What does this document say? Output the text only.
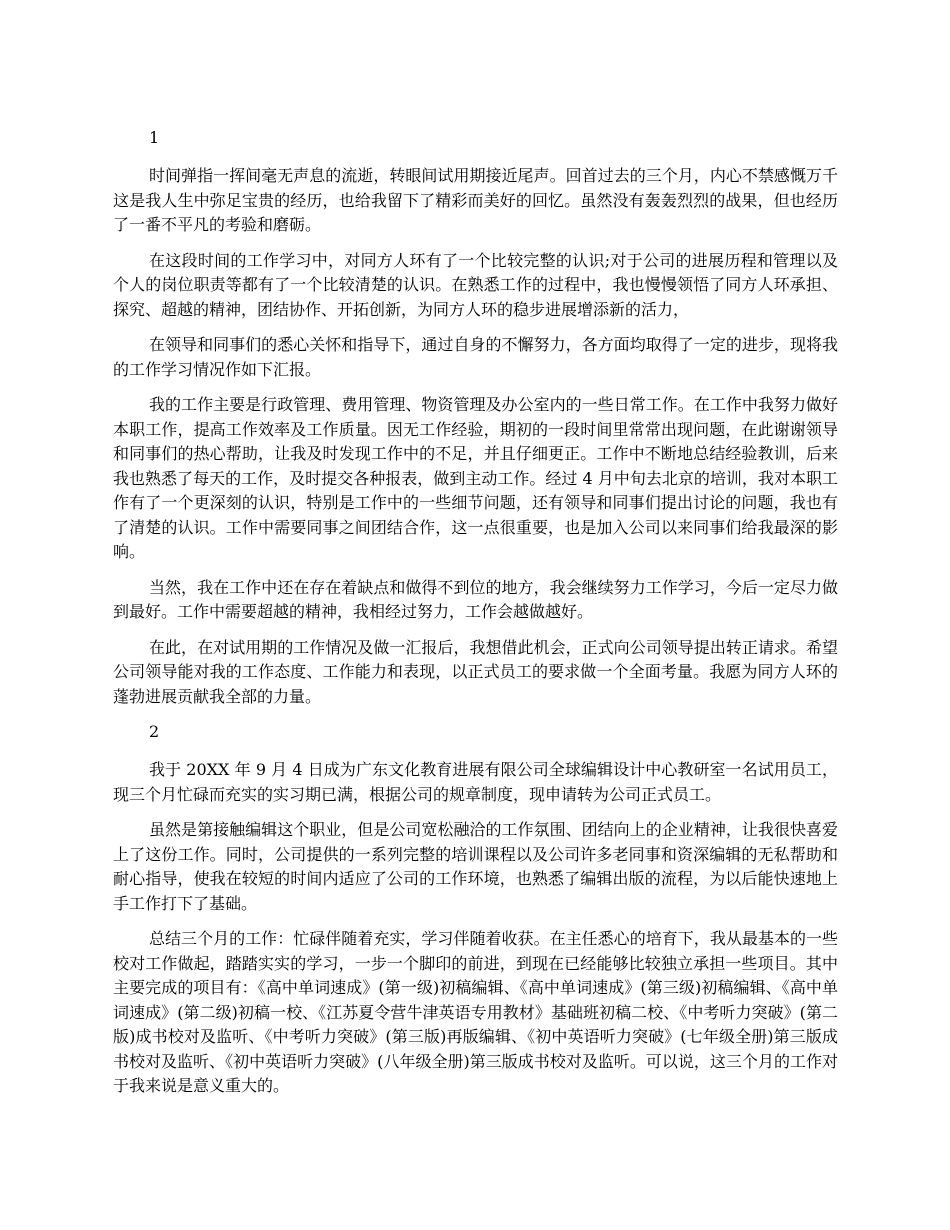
1

时间弹指一挥间毫无声息的流逝，转眼间试用期接近尾声。回首过去的三个月，内心不禁感慨万千这是我人生中弥足宝贵的经历，也给我留下了精彩而美好的回忆。虽然没有轰轰烈烈的战果，但也经历了一番不平凡的考验和磨砺。

在这段时间的工作学习中，对同方人环有了一个比较完整的认识;对于公司的进展历程和管理以及个人的岗位职责等都有了一个比较清楚的认识。在熟悉工作的过程中，我也慢慢领悟了同方人环承担、探究、超越的精神，团结协作、开拓创新，为同方人环的稳步进展增添新的活力，

在领导和同事们的悉心关怀和指导下，通过自身的不懈努力，各方面均取得了一定的进步，现将我的工作学习情况作如下汇报。

我的工作主要是行政管理、费用管理、物资管理及办公室内的一些日常工作。在工作中我努力做好本职工作，提高工作效率及工作质量。因无工作经验，期初的一段时间里常常出现问题，在此谢谢领导和同事们的热心帮助，让我及时发现工作中的不足，并且仔细更正。工作中不断地总结经验教训，后来我也熟悉了每天的工作，及时提交各种报表，做到主动工作。经过 4 月中旬去北京的培训，我对本职工作有了一个更深刻的认识，特别是工作中的一些细节问题，还有领导和同事们提出讨论的问题，我也有了清楚的认识。工作中需要同事之间团结合作，这一点很重要，也是加入公司以来同事们给我最深的影响。

当然，我在工作中还在存在着缺点和做得不到位的地方，我会继续努力工作学习，今后一定尽力做到最好。工作中需要超越的精神，我相经过努力，工作会越做越好。

在此，在对试用期的工作情况及做一汇报后，我想借此机会，正式向公司领导提出转正请求。希望公司领导能对我的工作态度、工作能力和表现，以正式员工的要求做一个全面考量。我愿为同方人环的蓬勃进展贡献我全部的力量。

2

我于 20XX 年 9 月 4 日成为广东文化教育进展有限公司全球编辑设计中心教研室一名试用员工，现三个月忙碌而充实的实习期已满，根据公司的规章制度，现申请转为公司正式员工。

虽然是第接触编辑这个职业，但是公司宽松融洽的工作氛围、团结向上的企业精神，让我很快喜爱上了这份工作。同时，公司提供的一系列完整的培训课程以及公司许多老同事和资深编辑的无私帮助和耐心指导，使我在较短的时间内适应了公司的工作环境，也熟悉了编辑出版的流程，为以后能快速地上手工作打下了基础。

总结三个月的工作：忙碌伴随着充实，学习伴随着收获。在主任悉心的培育下，我从最基本的一些校对工作做起，踏踏实实的学习，一步一个脚印的前进，到现在已经能够比较独立承担一些项目。其中主要完成的项目有：《高中单词速成》(第一级)初稿编辑、《高中单词速成》(第三级)初稿编辑、《高中单词速成》(第二级)初稿一校、《江苏夏令营牛津英语专用教材》基础班初稿二校、《中考听力突破》(第二版)成书校对及监听、《中考听力突破》(第三版)再版编辑、《初中英语听力突破》(七年级全册)第三版成书校对及监听、《初中英语听力突破》(八年级全册)第三版成书校对及监听。可以说，这三个月的工作对于我来说是意义重大的。
